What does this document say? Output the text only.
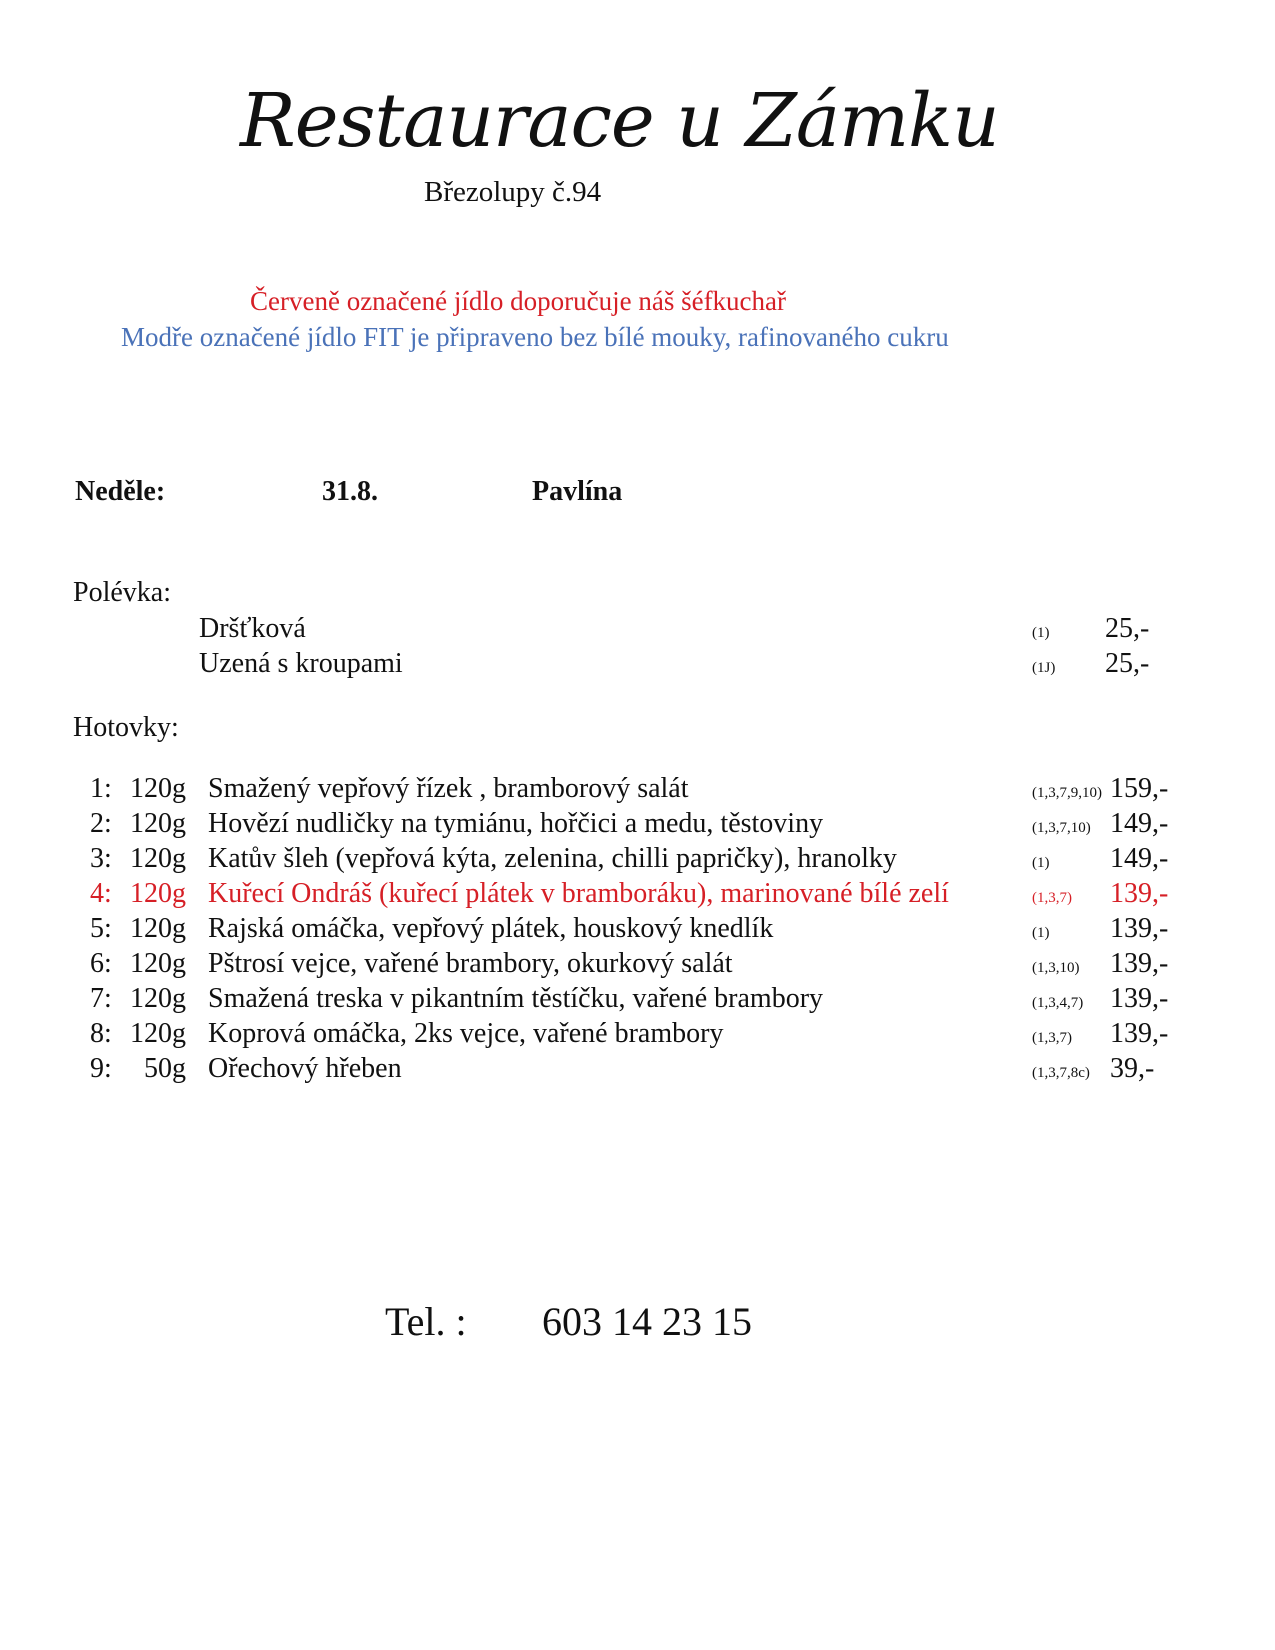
Restaurace u Zámku
Březolupy č.94
Červeně označené jídlo doporučuje náš šéfkuchař
Modře označené jídlo FIT je připraveno bez bílé mouky, rafinovaného cukru
Neděle:	31.8.	Pavlína
Polévka:
Dršťková	(1) 25,-
Uzená s kroupami	(1J) 25,-
Hotovky:
1: 120g Smažený vepřový řízek , bramborový salát	(1,3,7,9,10) 159,-
2: 120g Hovězí nudličky na tymiánu, hořčici a medu, těstoviny	(1,3,7,10) 149,-
3: 120g Katův šleh (vepřová kýta, zelenina, chilli papričky), hranolky	(1) 149,-
4: 120g Kuřecí Ondráš (kuřecí plátek v bramboráku), marinované bílé zelí	(1,3,7) 139,-
5: 120g Rajská omáčka, vepřový plátek, houskový knedlík	(1) 139,-
6: 120g Pštrosí vejce, vařené brambory, okurkový salát	(1,3,10) 139,-
7: 120g Smažená treska v pikantním těstíčku, vařené brambory	(1,3,4,7) 139,-
8: 120g Koprová omáčka, 2ks vejce, vařené brambory	(1,3,7) 139,-
9:	50g Ořechový hřeben	(1,3,7,8c) 39,-
Tel. : 603 14 23 15
